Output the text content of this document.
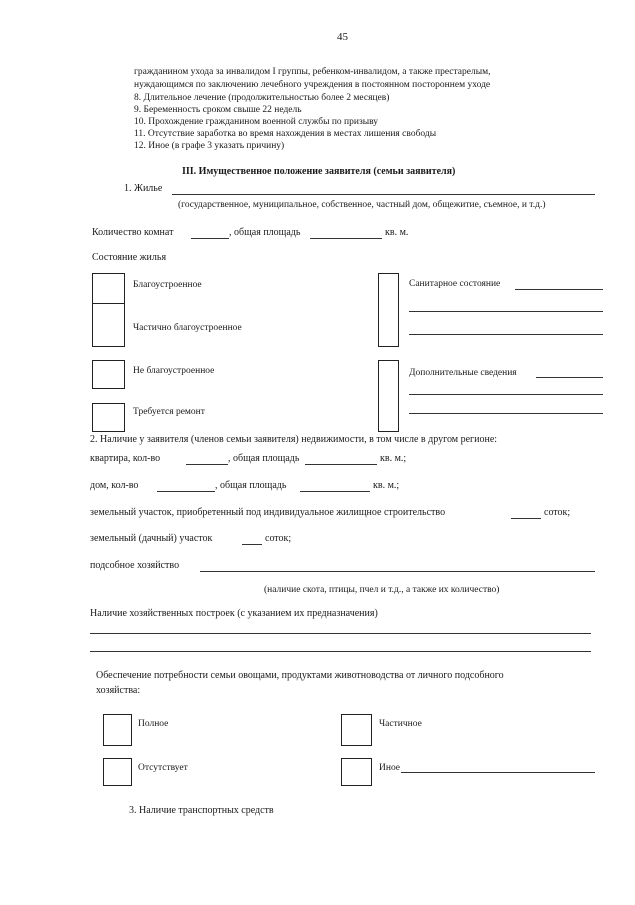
45
гражданином ухода за инвалидом I группы, ребенком-инвалидом, а также престарелым,
нуждающимся по заключению лечебного учреждения в постоянном постороннем уходе
8. Длительное лечение (продолжительностью более 2 месяцев)
9. Беременность сроком свыше 22 недель
10. Прохождение гражданином военной службы по призыву
11. Отсутствие заработка во время нахождения в местах лишения свободы
12. Иное (в графе 3 указать причину)
III. Имущественное положение заявителя (семьи заявителя)
1. Жилье
(государственное, муниципальное, собственное, частный дом, общежитие, съемное, и т.д.)
Количество комнат	, общая площадь	кв. м.
Состояние жилья
Благоустроенное
Частично благоустроенное
Не благоустроенное
Требуется ремонт
Санитарное состояние
Дополнительные сведения
2. Наличие у заявителя (членов семьи заявителя) недвижимости, в том числе в другом регионе:
квартира, кол-во	, общая площадь	кв. м.;
дом, кол-во	, общая площадь	кв. м.;
земельный участок, приобретенный под индивидуальное жилищное строительство	соток;
земельный (дачный) участок	соток;
подсобное хозяйство
(наличие скота, птицы, пчел и т.д., а также их количество)
Наличие хозяйственных построек (с указанием их предназначения)
Обеспечение потребности семьи овощами, продуктами животноводства от личного подсобного
хозяйства:
Полное	Частичное
Отсутствует	Иное
3. Наличие транспортных средств
